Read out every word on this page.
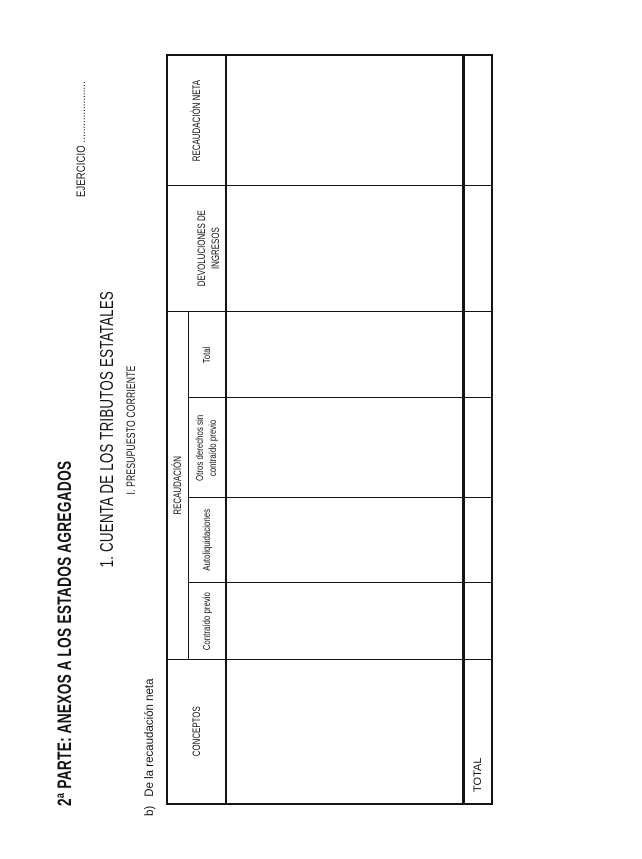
2ª PARTE: ANEXOS A LOS ESTADOS AGREGADOS
EJERCICIO ......................
1. CUENTA DE LOS TRIBUTOS ESTATALES I. PRESUPUESTO CORRIENTE
b)De la recaudación neta	CONCEPTOS
RECAUDACIÓN
Contraído previo
Autoliquidaciones
Otros derechos sin contraído previo
Total
DEVOLUCIONES DE INGRESOS
RECAUDACIÓN NETA
TOTAL
